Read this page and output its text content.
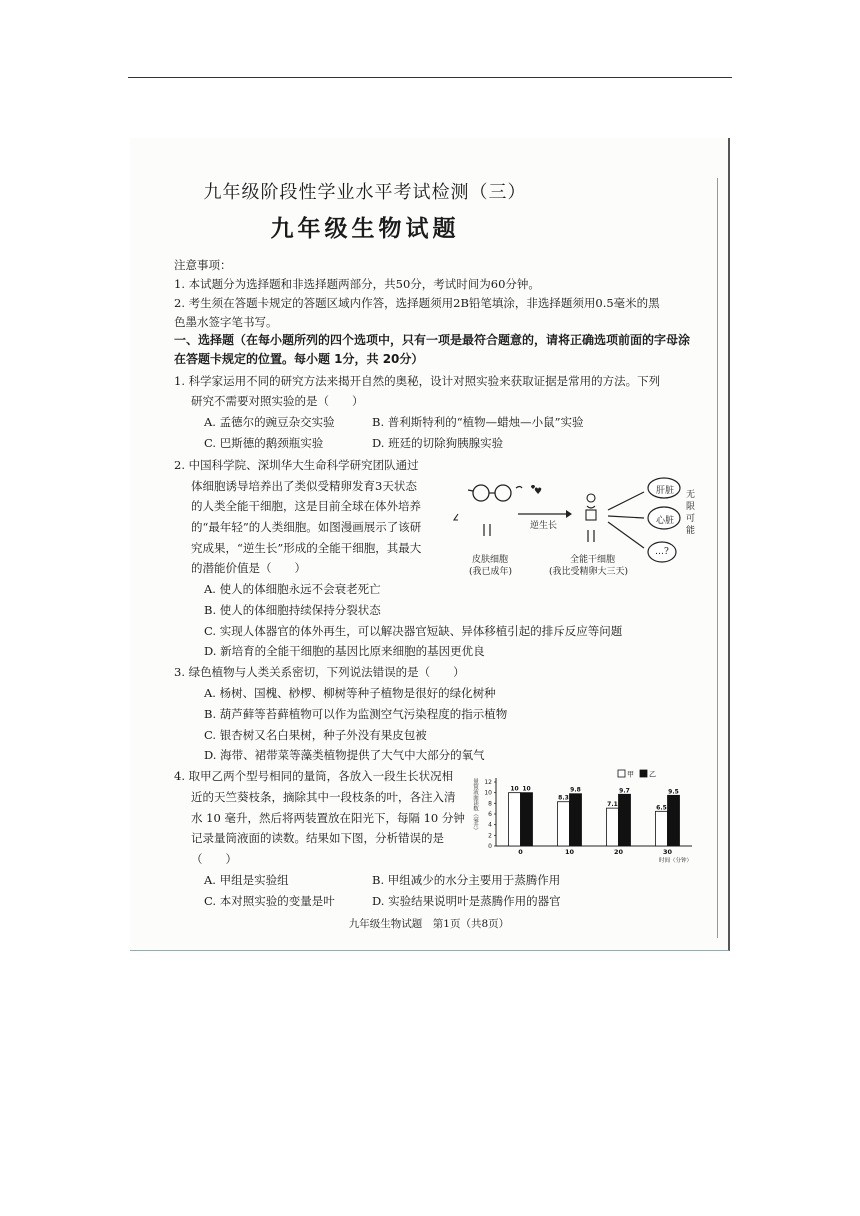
九年级阶段性学业水平考试检测（三）
九年级生物试题
注意事项：
1. 本试题分为选择题和非选择题两部分，共50分，考试时间为60分钟。
2. 考生须在答题卡规定的答题区域内作答，选择题须用2B铅笔填涂，非选择题须用0.5毫米的黑
色墨水签字笔书写。
一、选择题（在每小题所列的四个选项中，只有一项是最符合题意的，请将正确选项前面的字母涂
在答题卡规定的位置。每小题 1分，共 20分）
1. 科学家运用不同的研究方法来揭开自然的奥秘，设计对照实验来获取证据是常用的方法。下列
研究不需要对照实验的是（　　）
A. 孟德尔的豌豆杂交实验	B. 普利斯特利的“植物—蜡烛—小鼠”实验
C. 巴斯德的鹅颈瓶实验	D. 班廷的切除狗胰腺实验
2. 中国科学院、深圳华大生命科学研究团队通过
体细胞诱导培养出了类似受精卵发育3天状态
的人类全能干细胞，这是目前全球在体外培养
的“最年轻”的人类细胞。如图漫画展示了该研
究成果，“逆生长”形成的全能干细胞，其最大
的潜能价值是（　　）
♥	肝脏
心脏
…?
无
限
可
能
逆生长
皮肤细胞
(我已成年)
全能干细胞
(我比受精卵大三天)
A. 使人的体细胞永远不会衰老死亡
B. 使人的体细胞持续保持分裂状态
C. 实现人体器官的体外再生，可以解决器官短缺、异体移植引起的排斥反应等问题
D. 新培育的全能干细胞的基因比原来细胞的基因更优良
3. 绿色植物与人类关系密切，下列说法错误的是（　　）
A. 杨树、国槐、桫椤、柳树等种子植物是很好的绿化树种
B. 葫芦藓等苔藓植物可以作为监测空气污染程度的指示植物
C. 银杏树又名白果树，种子外没有果皮包被
D. 海带、裙带菜等藻类植物提供了大气中大部分的氧气
4. 取甲乙两个型号相同的量筒，各放入一段生长状况相
近的天竺葵枝条，摘除其中一段枝条的叶，各注入清
水 10 毫升，然后将两装置放在阳光下，每隔 10 分钟
记录量筒液面的读数。结果如下图，分析错误的是
（　　）
A. 甲组是实验组	B. 甲组减少的水分主要用于蒸腾作用
C. 本对照实验的变量是叶	D. 实验结果说明叶是蒸腾作用的器官
量筒液面读数（毫升）
0
2
4
6
8
10
12
10 10
0
8.3
9.8
10
7.1
9.7
20
6.5
9.5
30
时间（分钟）
甲 乙
九年级生物试题　第1页（共8页）
